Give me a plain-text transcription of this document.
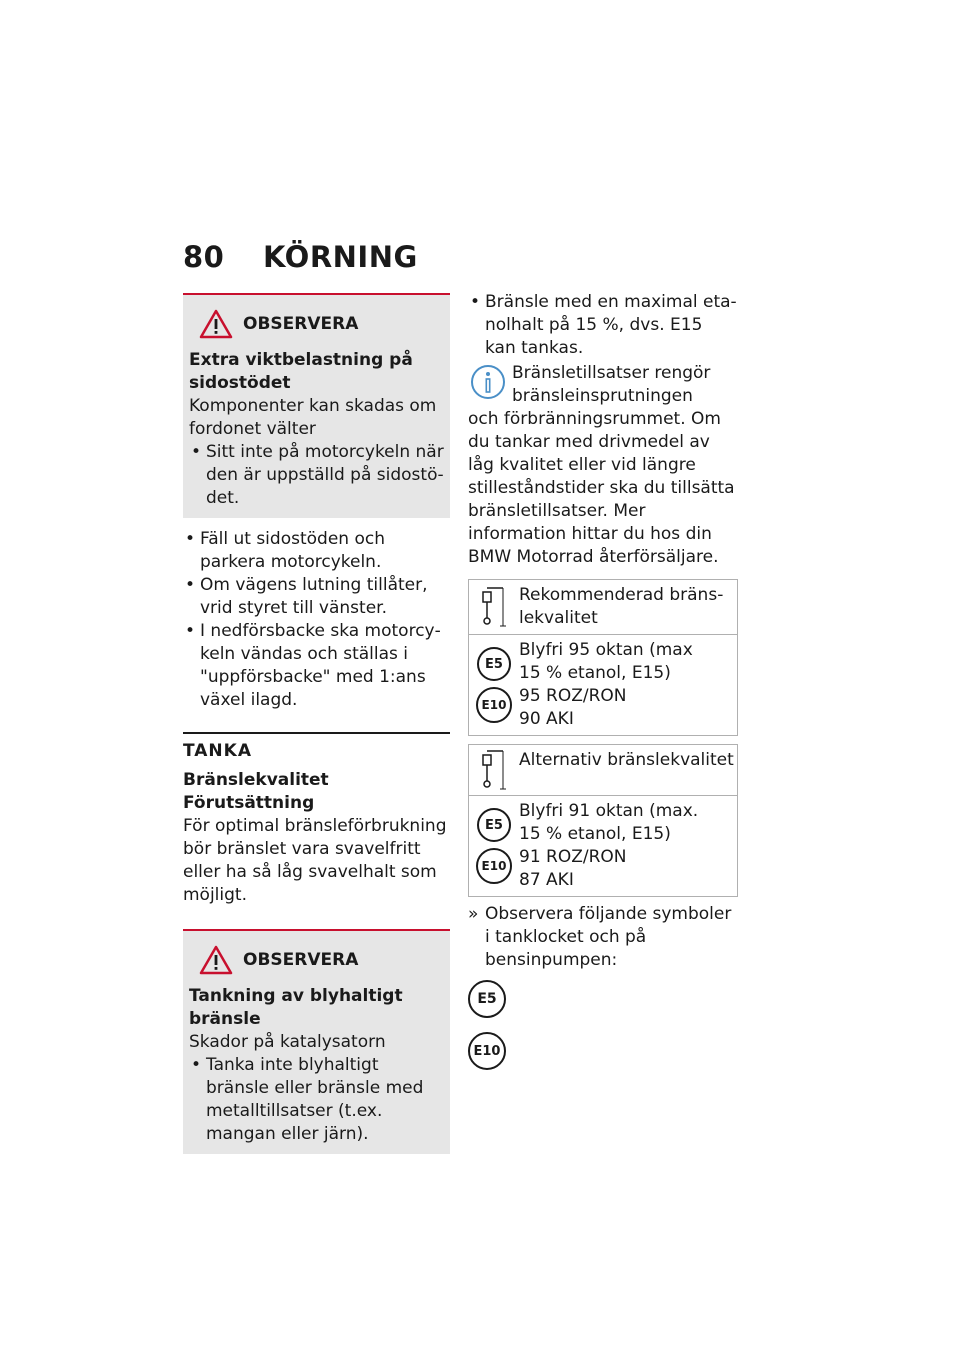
80 KÖRNING
OBSERVERA
Extra viktbelastning på sidostödet
Komponenter kan skadas om fordonet välter
• Sitt inte på motorcykeln när den är uppställd på sidostödet.
• Fäll ut sidostöden och parkera motorcykeln.
• Om vägens lutning tillåter, vrid styret till vänster.
• I nedförsbacke ska motorcykeln vändas och ställas i "uppförsbacke" med 1:ans växel ilagd.
TANKA
Bränslekvalitet
Förutsättning
För optimal bränsleförbrukning bör bränslet vara svavelfritt eller ha så låg svavelhalt som möjligt.
OBSERVERA
Tankning av blyhaltigt bränsle
Skador på katalysatorn
• Tanka inte blyhaltigt bränsle eller bränsle med metalltillsatser (t.ex. mangan eller järn).
• Bränsle med en maximal etanolhalt på 15 %, dvs. E15 kan tankas.
Bränsletillsatser rengör bränsleinsprutningen
och förbränningsrummet. Om du tankar med drivmedel av låg kvalitet eller vid längre stilleståndstider ska du tillsätta bränsletillsatser. Mer information hittar du hos din BMW Motorrad återförsäljare.
Rekommenderad bränslekvalitet
E5
E10
Blyfri 95 oktan (max
15 % etanol, E15)
95 ROZ/RON
90 AKI
Alternativ bränslekvalitet
E5
E10
Blyfri 91 oktan (max.
15 % etanol, E15)
91 ROZ/RON
87 AKI
» Observera följande symboler i tanklocket och på bensinpumpen:
E5
E10
